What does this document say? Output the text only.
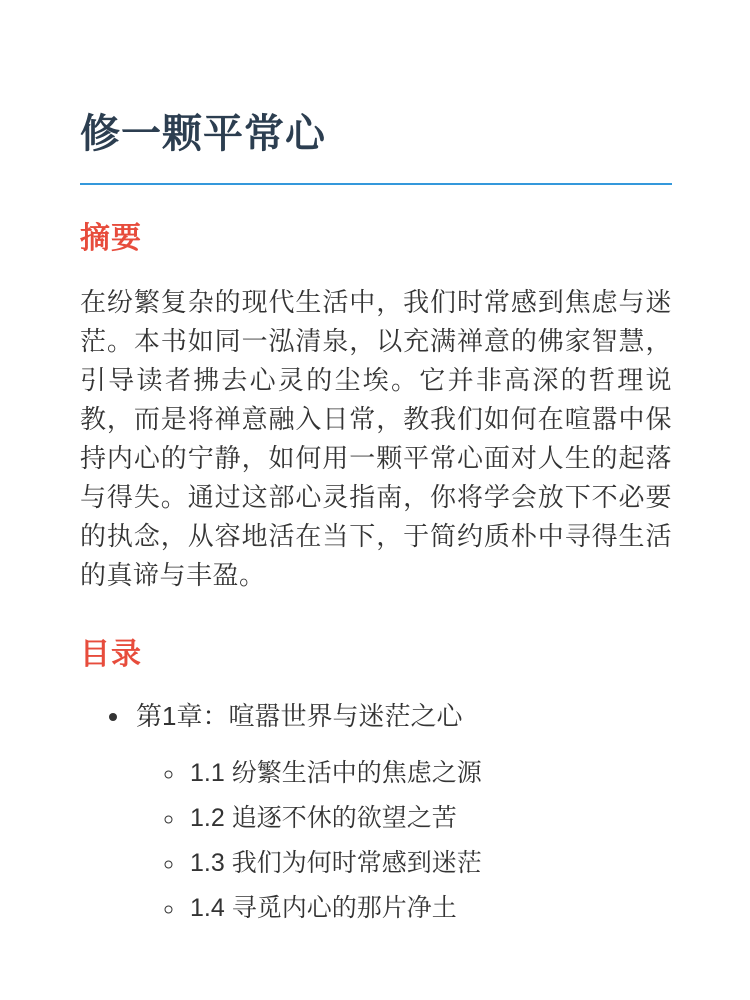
修一颗平常心
摘要

在纷繁复杂的现代生活中，我们时常感到焦虑与迷茫。本书如同一泓清泉，以充满禅意的佛家智慧，引导读者拂去心灵的尘埃。它并非高深的哲理说教，而是将禅意融入日常，教我们如何在喧嚣中保持内心的宁静，如何用一颗平常心面对人生的起落与得失。通过这部心灵指南，你将学会放下不必要的执念，从容地活在当下，于简约质朴中寻得生活的真谛与丰盈。

目录
• 第1章：喧嚣世界与迷茫之心
◦ 1.1 纷繁生活中的焦虑之源
◦ 1.2 追逐不休的欲望之苦
◦ 1.3 我们为何时常感到迷茫
◦ 1.4 寻觅内心的那片净土
